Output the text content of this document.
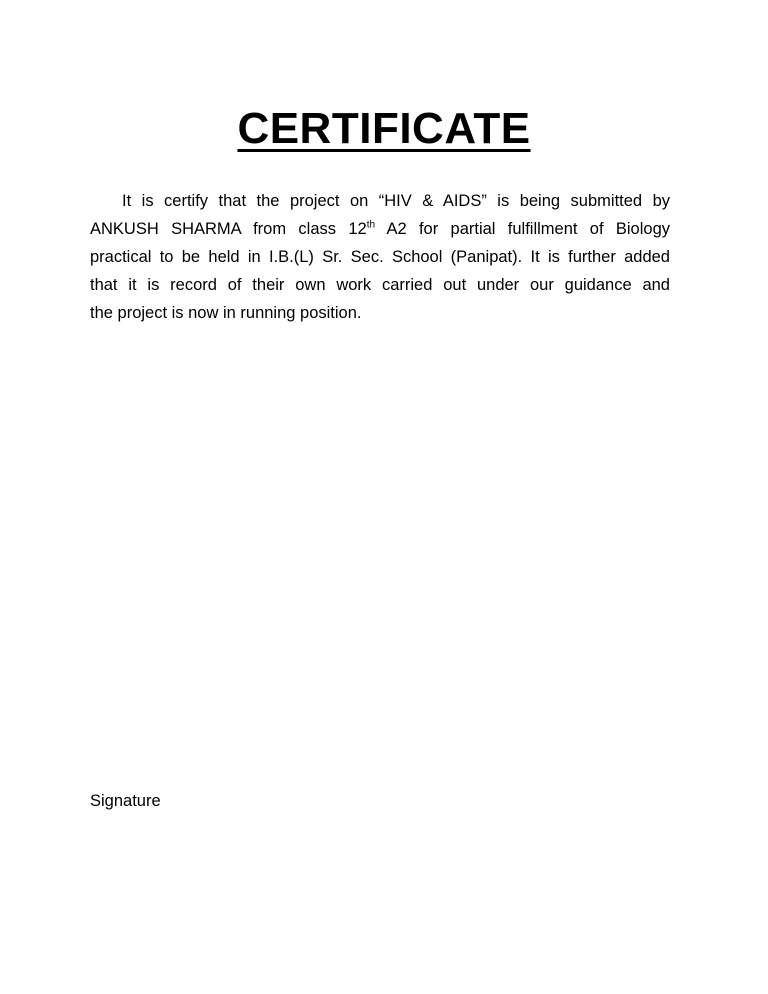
CERTIFICATE
It is certify that the project on “HIV & AIDS” is being submitted by
ANKUSH SHARMA from class 12th A2 for partial fulfillment of Biology
practical to be held in I.B.(L) Sr. Sec. School (Panipat). It is further added
that it is record of their own work carried out under our guidance and
the project is now in running position.
Signature
